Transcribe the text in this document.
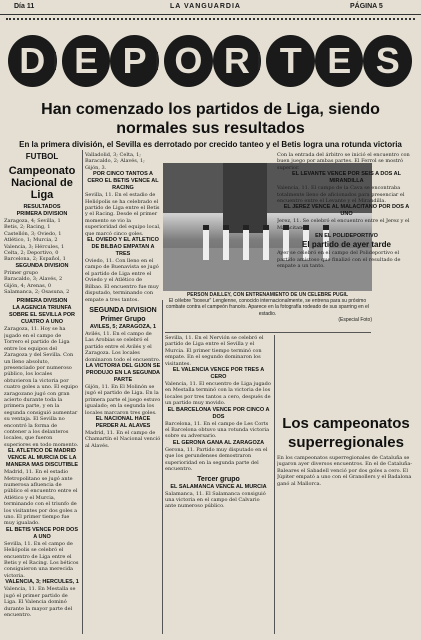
Día 11	LA VANGUARDIA	PÁGINA 5
D E P O R T E S
Han comenzado los partidos de Liga, siendo normales sus resultados
En la primera división, el Sevilla es derrotado por crecido tanteo y el Betis logra una rotunda victoria
FUTBOL
Campeonato Nacional de Liga
RESULTADOS
PRIMERA DIVISION
Zaragoza, 4; Sevilla, 1
Betis, 2; Racing, 1
Castellón, 3; Oviedo, 1
Atlético, 1; Murcia, 2
Valencia, 3; Hércules, 1
Celta, 2; Deportivo, 0
Barcelona, 2; Español, 1
SEGUNDA DIVISION
Primer grupo
Baracaldo, 3; Alavés, 2
Gijón, 4; Arenas, 0
Salamanca, 2; Osasuna, 2
PRIMERA DIVISION
LA AGENCIA TRIUNFA SOBRE EL SEVILLA POR CUATRO A UNO
Zaragoza, 11. Hoy se ha jugado en el campo de Torrero el partido de Liga entre los equipos del Zaragoza y del Sevilla. Con un lleno absoluto, presenciado por numeroso público, los locales obtuvieron la victoria por cuatro goles a uno. El equipo zaragozano jugó con gran acierto durante toda la primera parte, y en la segunda consiguió aumentar su ventaja. El Sevilla no encontró la forma de contener a los delanteros locales, que fueron superiores en todo momento.
EL ATLETICO DE MADRID VENCE AL MURCIA DE LA MANERA MAS DISCUTIBLE
Madrid, 11. En el estadio Metropolitano se jugó ante numerosa afluencia de público el encuentro entre el Atlético y el Murcia, terminando con el triunfo de los visitantes por dos goles a uno. El primer tiempo fue muy igualado.
EL BETIS VENCE POR DOS A UNO
Sevilla, 11. En el campo de Heliópolis se celebró el encuentro de Liga entre el Betis y el Racing. Los béticos consiguieron una merecida victoria.
VALENCIA, 3; HERCULES, 1
Valencia, 11. En Mestalla se jugó el primer partido de Liga. El Valencia dominó durante la mayor parte del encuentro.
Valladolid, 3; Celta, 1; Baracaldo, 2; Alavés, 1; Gijón, 3.
POR CINCO TANTOS A CERO EL BETIS VENCE AL RACING
Sevilla, 11. En el estadio de Heliópolis se ha celebrado el partido de Liga entre el Betis y el Racing. Desde el primer momento se vio la superioridad del equipo local, que marcó cinco goles.
EL OVIEDO Y EL ATLETICO DE BILBAO EMPATAN A TRES
Oviedo, 11. Con lleno en el campo de Buenavista se jugó el partido de Liga entre el Oviedo y el Atlético de Bilbao. El encuentro fue muy disputado, terminando con empate a tres tantos.
SEGUNDA DIVISION
Primer Grupo
AVILES, 5; ZARAGOZA, 1
Avilés, 11. En el campo de Las Arobias se celebró el partido entre el Avilés y el Zaragoza. Los locales dominaron todo el encuentro.
LA VICTORIA DEL GIJON SE PRODUJO EN LA SEGUNDA PARTE
Gijón, 11. En El Molinón se jugó el partido de Liga. En la primera parte el juego estuvo igualado; en la segunda los locales marcaron tres goles.
EL NACIONAL HACE PERDER AL ALAVES
Madrid, 11. En el campo de Chamartín el Nacional venció al Alavés.
PERSON DAILLEY, CON ENTRENAMIENTO DE UN CELEBRE PUGIL
El célebre "boxeur" Lenglenne, conocido internacionalmente, se entrena para su próximo combate contra el campeón francés. Aparece en la fotografía rodeado de sus sparring en el estadio.
(Especial Foto)
Sevilla, 11. En el Nervión se celebró el partido de Liga entre el Sevilla y el Murcia. El primer tiempo terminó con empate. En el segundo dominaron los visitantes.
EL VALENCIA VENCE POR TRES A CERO
Valencia, 11. El encuentro de Liga jugado en Mestalla terminó con la victoria de los locales por tres tantos a cero, después de un partido muy movido.
EL BARCELONA VENCE POR CINCO A DOS
Barcelona, 11. En el campo de Les Corts el Barcelona obtuvo una rotunda victoria sobre su adversario.
EL GERONA GANA AL ZARAGOZA
Gerona, 11. Partido muy disputado en el que los gerundenses demostraron superioridad en la segunda parte del encuentro.
Tercer grupo
EL SALAMANCA VENCE AL MURCIA
Salamanca, 11. El Salamanca consiguió una victoria en el campo del Calvario ante numeroso público.
Con la entrada del árbitro se inició el encuentro con buen juego por ambas partes. El Ferrol se mostró superior.
EL LEVANTE VENCE POR SEIS A DOS AL MIRANDILLA
Valencia, 11. El campo de la Cava se encontraba totalmente lleno de aficionados para presenciar el encuentro entre el Levante y el Mirandilla.
EL JEREZ VENCE AL MALACITANO POR DOS A UNO
Jerez, 11. Se celebró el encuentro entre el Jerez y el Malacitano.
EN EL POLIDEPORTIVO
El partido de ayer tarde
Ayer se celebró en el campo del Polideportivo el partido amistoso que finalizó con el resultado de empate a un tanto.
Los campeonatos superregionales
En los campeonatos superregionales de Cataluña se jugaron ayer diversos encuentros. En el de Cataluña-Baleares el Sabadell venció por dos goles a cero. El Júpiter empató a uno con el Granollers y el Badalona ganó al Mallorca.
